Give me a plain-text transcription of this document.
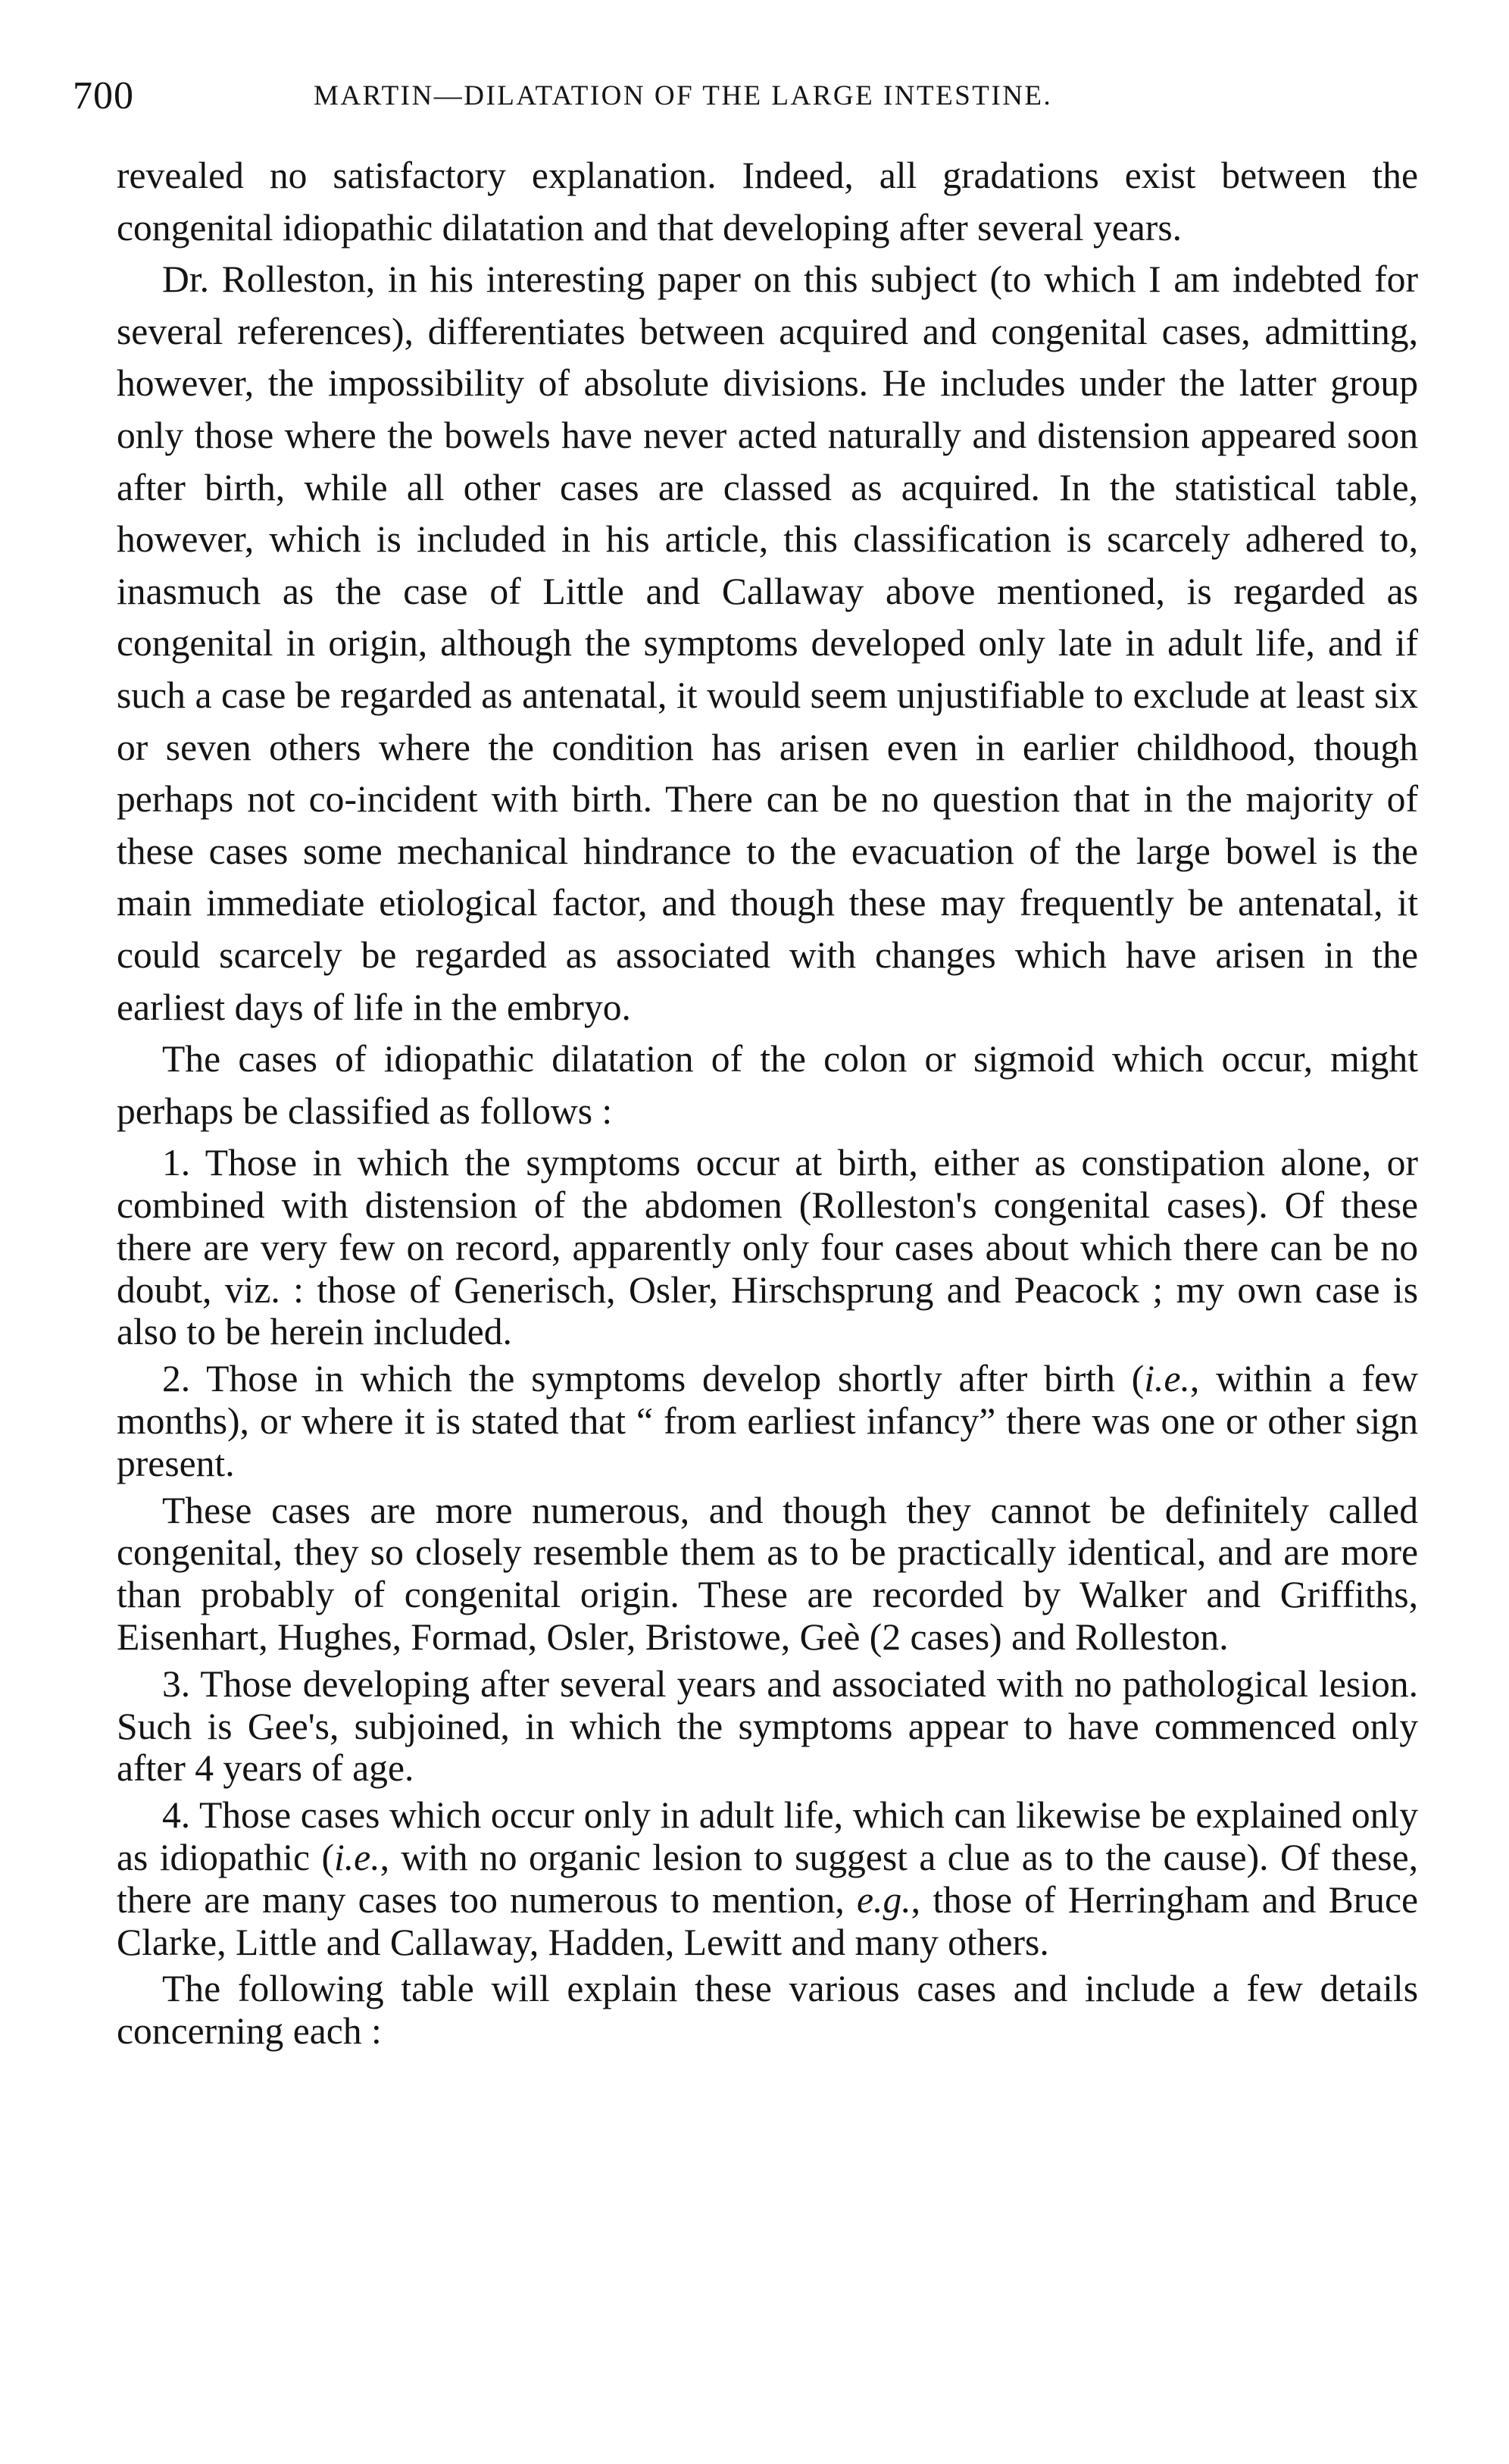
700	MARTIN—DILATATION OF THE LARGE INTESTINE.

revealed no satisfactory explanation. Indeed, all gradations exist between the congenital idiopathic dilatation and that developing after several years.

Dr. Rolleston, in his interesting paper on this subject (to which I am indebted for several references), differentiates between acquired and congenital cases, admitting, however, the impossibility of absolute divisions. He includes under the latter group only those where the bowels have never acted naturally and distension appeared soon after birth, while all other cases are classed as acquired. In the statistical table, however, which is included in his article, this classification is scarcely adhered to, inasmuch as the case of Little and Callaway above mentioned, is regarded as congenital in origin, although the symptoms developed only late in adult life, and if such a case be regarded as antenatal, it would seem unjustifiable to exclude at least six or seven others where the condition has arisen even in earlier childhood, though perhaps not co-incident with birth. There can be no question that in the majority of these cases some mechanical hindrance to the evacuation of the large bowel is the main immediate etiological factor, and though these may frequently be antenatal, it could scarcely be regarded as associated with changes which have arisen in the earliest days of life in the embryo.

The cases of idiopathic dilatation of the colon or sigmoid which occur, might perhaps be classified as follows :

1. Those in which the symptoms occur at birth, either as constipation alone, or combined with distension of the abdomen (Rolleston's congenital cases). Of these there are very few on record, apparently only four cases about which there can be no doubt, viz. : those of Generisch, Osler, Hirschsprung and Peacock ; my own case is also to be herein included.

2. Those in which the symptoms develop shortly after birth (i.e., within a few months), or where it is stated that “ from earliest infancy” there was one or other sign present.

These cases are more numerous, and though they cannot be definitely called congenital, they so closely resemble them as to be practically identical, and are more than probably of congenital origin. These are recorded by Walker and Griffiths, Eisenhart, Hughes, Formad, Osler, Bristowe, Geè (2 cases) and Rolleston.

3. Those developing after several years and associated with no pathological lesion. Such is Gee's, subjoined, in which the symptoms appear to have commenced only after 4 years of age.

4. Those cases which occur only in adult life, which can likewise be explained only as idiopathic (i.e., with no organic lesion to suggest a clue as to the cause). Of these, there are many cases too numerous to mention, e.g., those of Herringham and Bruce Clarke, Little and Callaway, Hadden, Lewitt and many others.

The following table will explain these various cases and include a few details concerning each :
